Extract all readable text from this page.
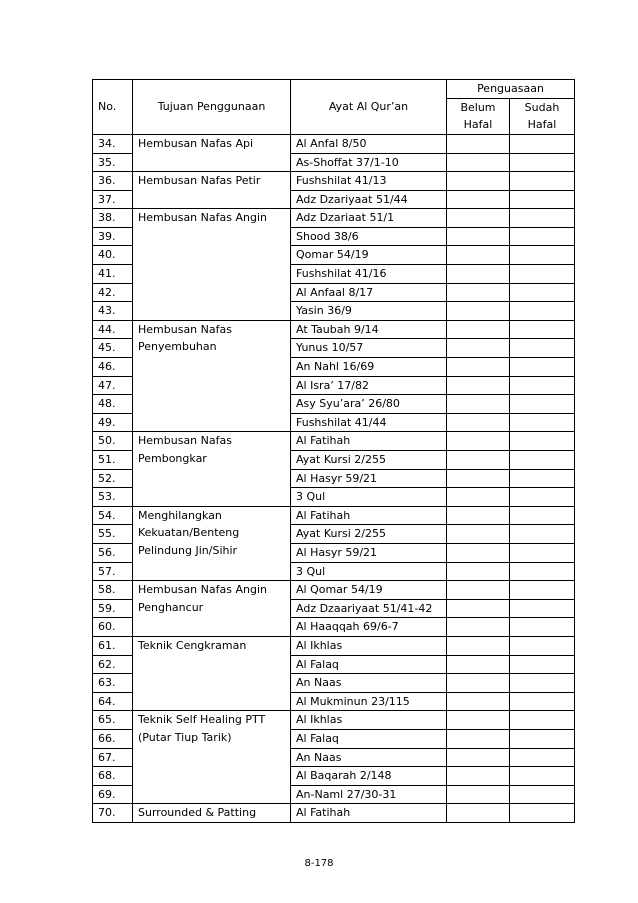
No.	Tujuan Penggunaan	Ayat Al Qur’an	Penguasaan	
			Belum	Sudah
			Hafal	Hafal
34.	Hembusan Nafas Api	Al Anfal 8/50		
35.		As-Shoffat 37/1-10		
36.	Hembusan Nafas Petir	Fushshilat 41/13		
37.		Adz Dzariyaat 51/44		
38.	Hembusan Nafas Angin	Adz Dzariaat 51/1		
39.		Shood 38/6		
40.		Qomar 54/19		
41.		Fushshilat 41/16		
42.		Al Anfaal 8/17		
43.		Yasin 36/9		
44.	Hembusan Nafas
Penyembuhan	At Taubah 9/14		
45.		Yunus 10/57		
46.		An Nahl 16/69		
47.		Al Isra’ 17/82		
48.		Asy Syu’ara’ 26/80		
49.		Fushshilat 41/44		
50.	Hembusan Nafas
Pembongkar	Al Fatihah		
51.		Ayat Kursi 2/255		
52.		Al Hasyr 59/21		
53.		3 Qul		
54.	Menghilangkan
Kekuatan/Benteng
Pelindung Jin/Sihir	Al Fatihah		
55.		Ayat Kursi 2/255		
56.		Al Hasyr 59/21		
57.		3 Qul		
58.	Hembusan Nafas Angin
Penghancur	Al Qomar 54/19		
59.		Adz Dzaariyaat 51/41-42		
60.		Al Haaqqah 69/6-7		
61.	Teknik Cengkraman	Al Ikhlas		
62.		Al Falaq		
63.		An Naas		
64.		Al Mukminun 23/115		
65.	Teknik Self Healing PTT
(Putar Tiup Tarik)	Al Ikhlas		
66.		Al Falaq		
67.		An Naas		
68.		Al Baqarah 2/148		
69.		An-Naml 27/30-31		
70.	Surrounded & Patting	Al Fatihah		
8-178
